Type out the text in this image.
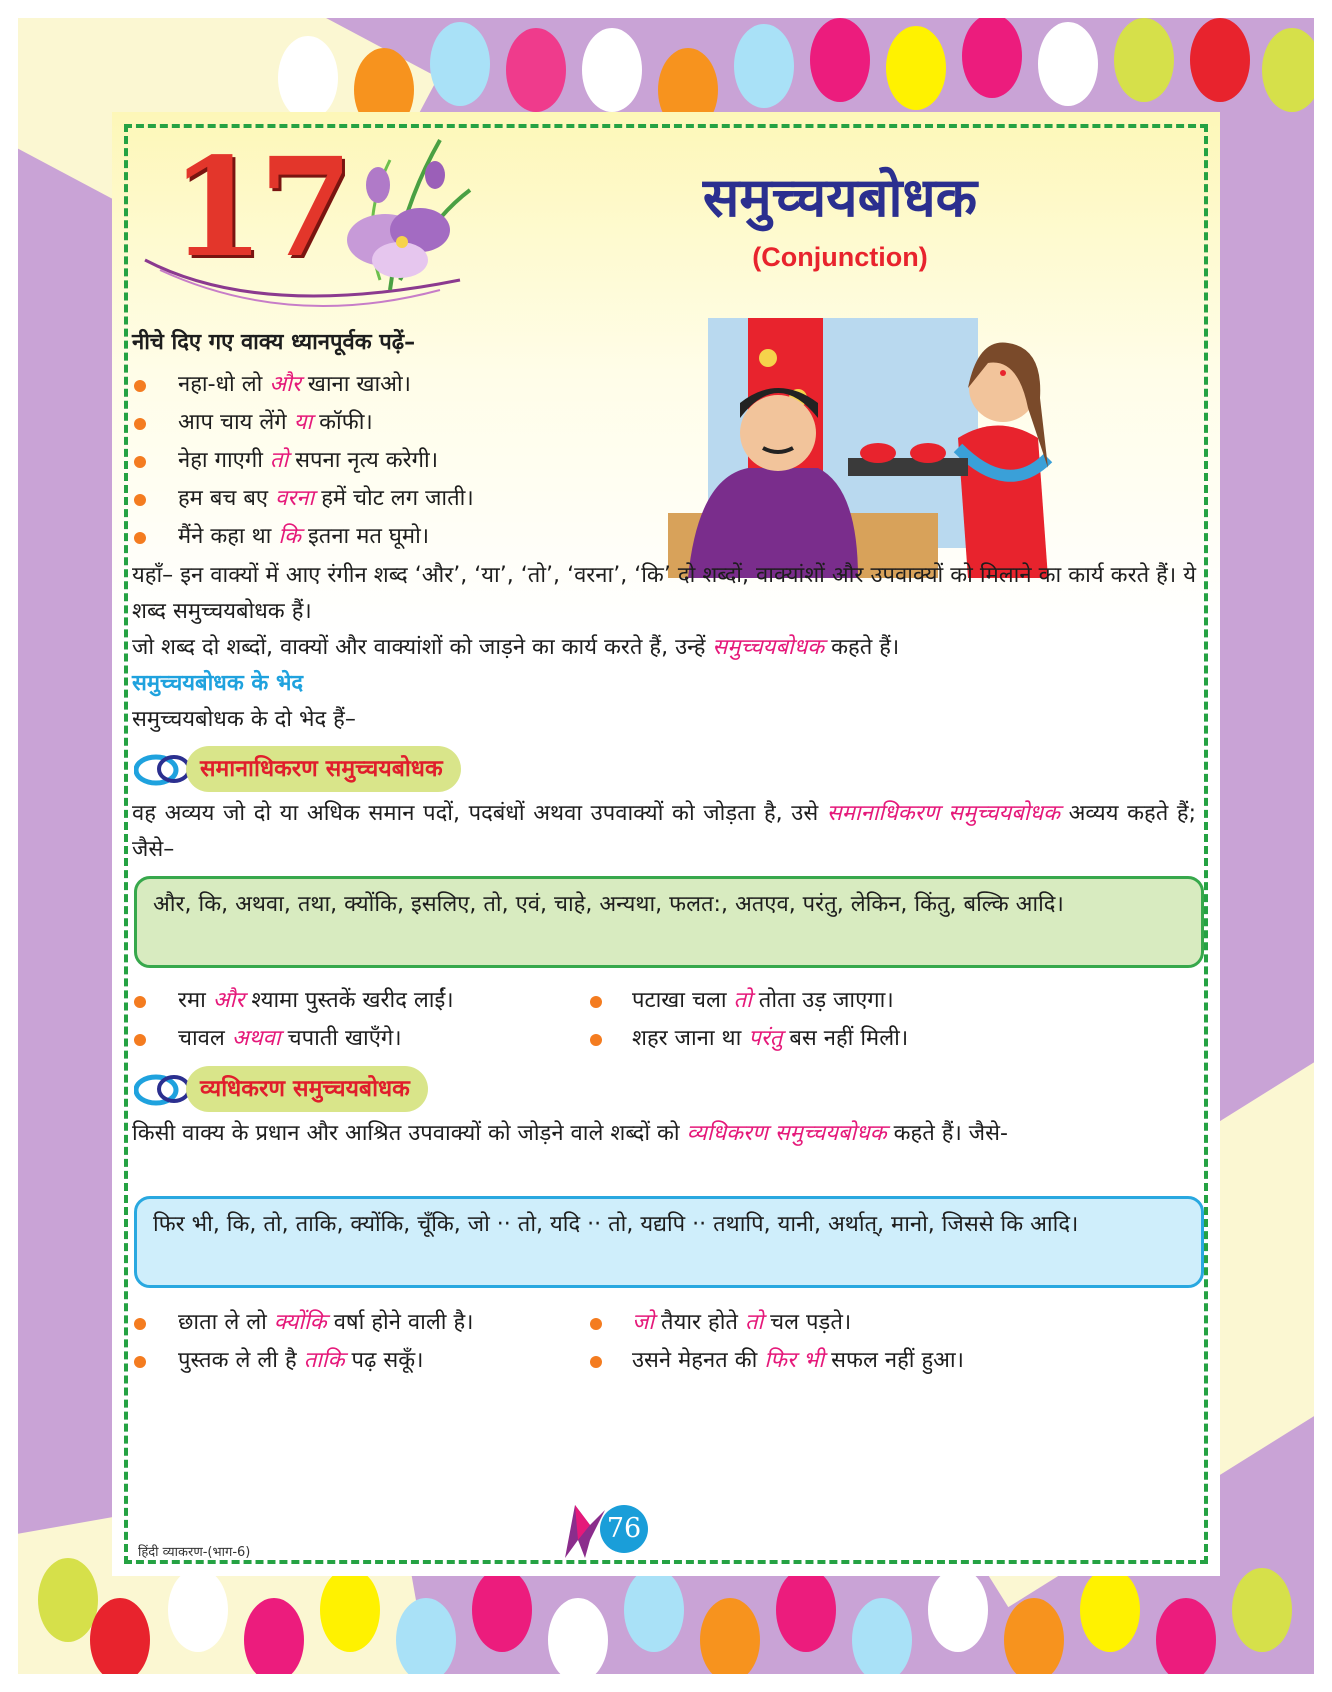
17	समुच्चयबोधक
(Conjunction)
नीचे दिए गए वाक्य ध्यानपूर्वक पढ़ें–
नहा-धो लो और खाना खाओ।
आप चाय लेंगे या कॉफी।
नेहा गाएगी तो सपना नृत्य करेगी।
हम बच बए वरना हमें चोट लग जाती।
मैंने कहा था कि इतना मत घूमो।
यहाँ– इन वाक्यों में आए रंगीन शब्द ‘और’, ‘या’, ‘तो’, ‘वरना’, ‘कि’ दो शब्दों, वाक्यांशों और उपवाक्यों को मिलाने का कार्य करते हैं। ये शब्द समुच्चयबोधक हैं।
जो शब्द दो शब्दों, वाक्यों और वाक्यांशों को जाड़ने का कार्य करते हैं, उन्हें समुच्चयबोधक कहते हैं।
समुच्चयबोधक के भेद
समुच्चयबोधक के दो भेद हैं–
समानाधिकरण समुच्चयबोधक
वह अव्यय जो दो या अधिक समान पदों, पदबंधों अथवा उपवाक्यों को जोड़ता है, उसे समानाधिकरण समुच्चयबोधक अव्यय कहते हैं; जैसे–
और, कि, अथवा, तथा, क्योंकि, इसलिए, तो, एवं, चाहे, अन्यथा, फलत:, अतएव, परंतु, लेकिन, किंतु, बल्कि आदि।
रमा और श्यामा पुस्तकें खरीद लाईं।	पटाखा चला तो तोता उड़ जाएगा।
चावल अथवा चपाती खाएँगे।	शहर जाना था परंतु बस नहीं मिली।
व्यधिकरण समुच्चयबोधक
किसी वाक्य के प्रधान और आश्रित उपवाक्यों को जोड़ने वाले शब्दों को व्यधिकरण समुच्चयबोधक कहते हैं। जैसे-
फिर भी, कि, तो, ताकि, क्योंकि, चूँकि, जो ·· तो, यदि ·· तो, यद्यपि ·· तथापि, यानी, अर्थात्, मानो, जिससे कि आदि।
छाता ले लो क्योंकि वर्षा होने वाली है।	जो तैयार होते तो चल पड़ते।
पुस्तक ले ली है ताकि पढ़ सकूँ।	उसने मेहनत की फिर भी सफल नहीं हुआ।
76
हिंदी व्याकरण-(भाग-6)
